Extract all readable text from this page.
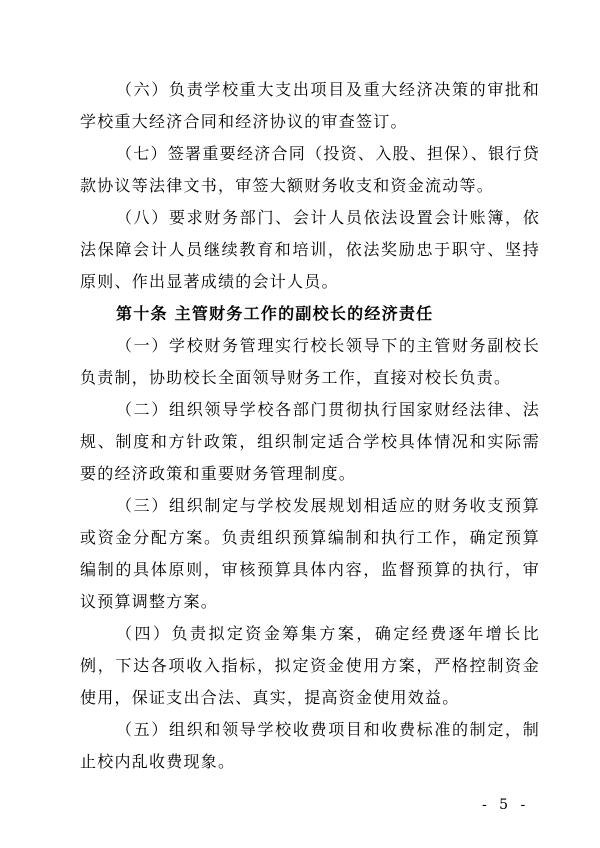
（六）负责学校重大支出项目及重大经济决策的审批和学校重大经济合同和经济协议的审查签订。

（七）签署重要经济合同（投资、入股、担保）、银行贷款协议等法律文书，审签大额财务收支和资金流动等。

（八）要求财务部门、会计人员依法设置会计账簿，依法保障会计人员继续教育和培训，依法奖励忠于职守、坚持原则、作出显著成绩的会计人员。

第十条 主管财务工作的副校长的经济责任

（一）学校财务管理实行校长领导下的主管财务副校长负责制，协助校长全面领导财务工作，直接对校长负责。

（二）组织领导学校各部门贯彻执行国家财经法律、法规、制度和方针政策，组织制定适合学校具体情况和实际需要的经济政策和重要财务管理制度。

（三）组织制定与学校发展规划相适应的财务收支预算或资金分配方案。负责组织预算编制和执行工作，确定预算编制的具体原则，审核预算具体内容，监督预算的执行，审议预算调整方案。

（四）负责拟定资金筹集方案，确定经费逐年增长比例，下达各项收入指标，拟定资金使用方案，严格控制资金使用，保证支出合法、真实，提高资金使用效益。

（五）组织和领导学校收费项目和收费标准的制定，制止校内乱收费现象。

- 5 -
